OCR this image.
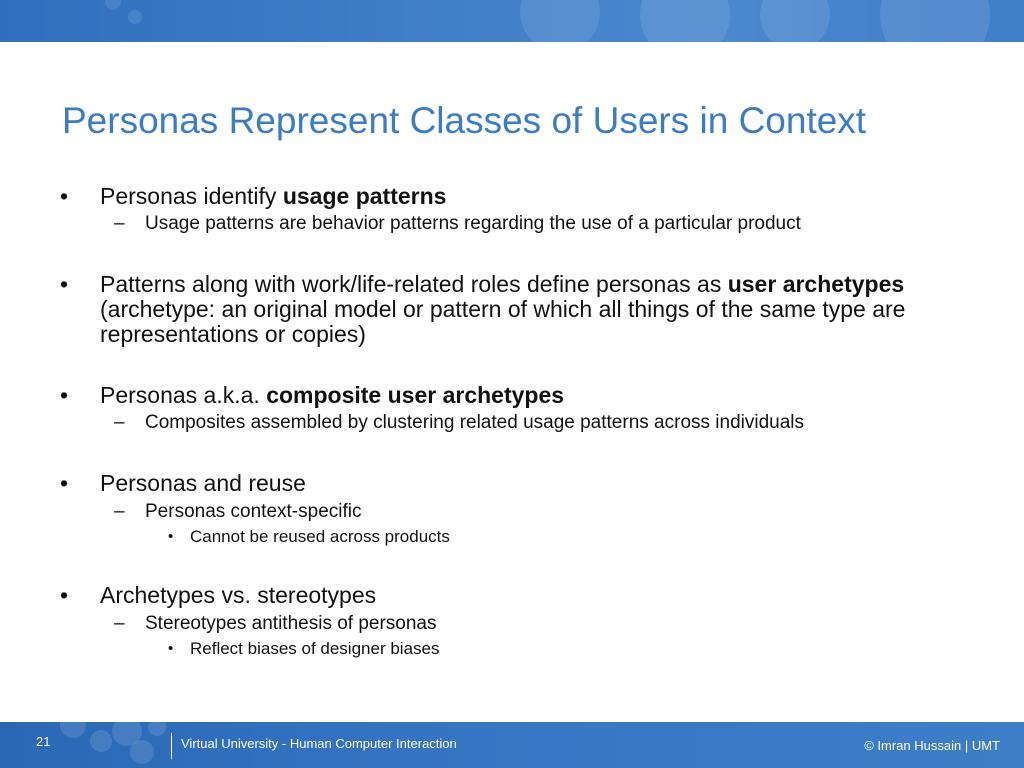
Personas Represent Classes of Users in Context
• Personas identify usage patterns
– Usage patterns are behavior patterns regarding the use of a particular product
• Patterns along with work/life-related roles define personas as user archetypes (archetype: an original model or pattern of which all things of the same type are representations or copies)
• Personas a.k.a. composite user archetypes
– Composites assembled by clustering related usage patterns across individuals
• Personas and reuse
– Personas context-specific
• Cannot be reused across products
• Archetypes vs. stereotypes
– Stereotypes antithesis of personas
• Reflect biases of designer biases
21	Virtual University - Human Computer Interaction	© Imran Hussain | UMT
